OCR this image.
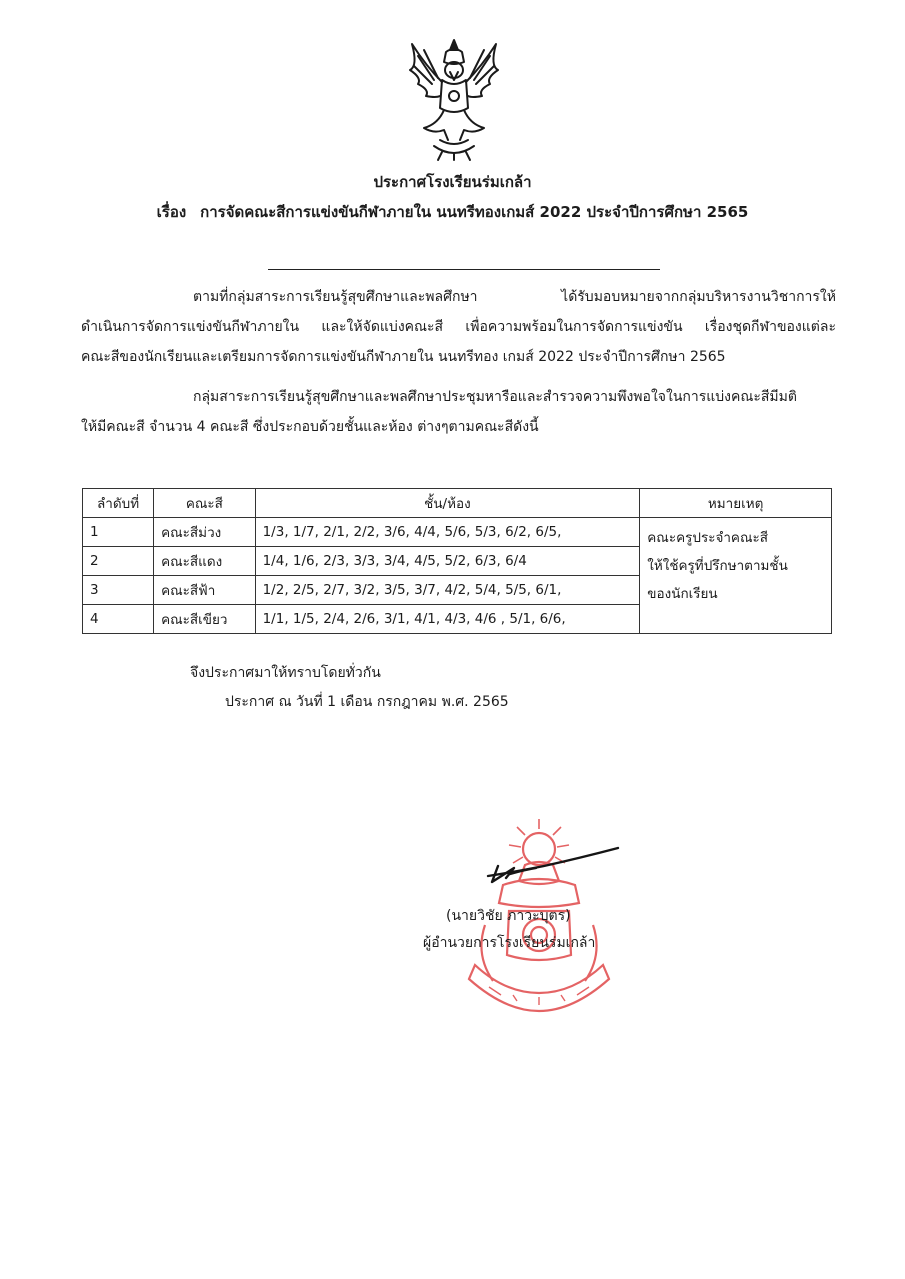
ประกาศโรงเรียนร่มเกล้า
เรื่อง การจัดคณะสีการแข่งขันกีฬาภายใน นนทรีทองเกมส์ 2022 ประจำปีการศึกษา 2565
ตามที่กลุ่มสาระการเรียนรู้สุขศึกษาและพลศึกษา ได้รับมอบหมายจากกลุ่มบริหารงานวิชาการให้
ดำเนินการจัดการแข่งขันกีฬาภายใน และให้จัดแบ่งคณะสี เพื่อความพร้อมในการจัดการแข่งขัน เรื่องชุดกีฬาของแต่ละ
คณะสีของนักเรียนและเตรียมการจัดการแข่งขันกีฬาภายใน นนทรีทอง เกมส์ 2022 ประจำปีการศึกษา 2565
กลุ่มสาระการเรียนรู้สุขศึกษาและพลศึกษาประชุมหารือและสำรวจความพึงพอใจในการแบ่งคณะสีมีมติ
ให้มีคณะสี จำนวน 4 คณะสี ซึ่งประกอบด้วยชั้นและห้อง ต่างๆตามคณะสีดังนี้
ลำดับที่	คณะสี	ชั้น/ห้อง	หมายเหตุ
1	คณะสีม่วง	1/3, 1/7, 2/1, 2/2, 3/6, 4/4, 5/6, 5/3, 6/2, 6/5,	คณะครูประจำคณะสี
ให้ใช้ครูที่ปรึกษาตามชั้น
ของนักเรียน

2	คณะสีแดง	1/4, 1/6, 2/3, 3/3, 3/4, 4/5, 5/2, 6/3, 6/4	
3	คณะสีฟ้า	1/2, 2/5, 2/7, 3/2, 3/5, 3/7, 4/2, 5/4, 5/5, 6/1,	
4	คณะสีเขียว	1/1, 1/5, 2/4, 2/6, 3/1, 4/1, 4/3, 4/6 , 5/1, 6/6,	
จึงประกาศมาให้ทราบโดยทั่วกัน
ประกาศ ณ วันที่ 1 เดือน กรกฎาคม พ.ศ. 2565
(นายวิชัย ภาวะบุตร)
ผู้อำนวยการโรงเรียนร่มเกล้า
